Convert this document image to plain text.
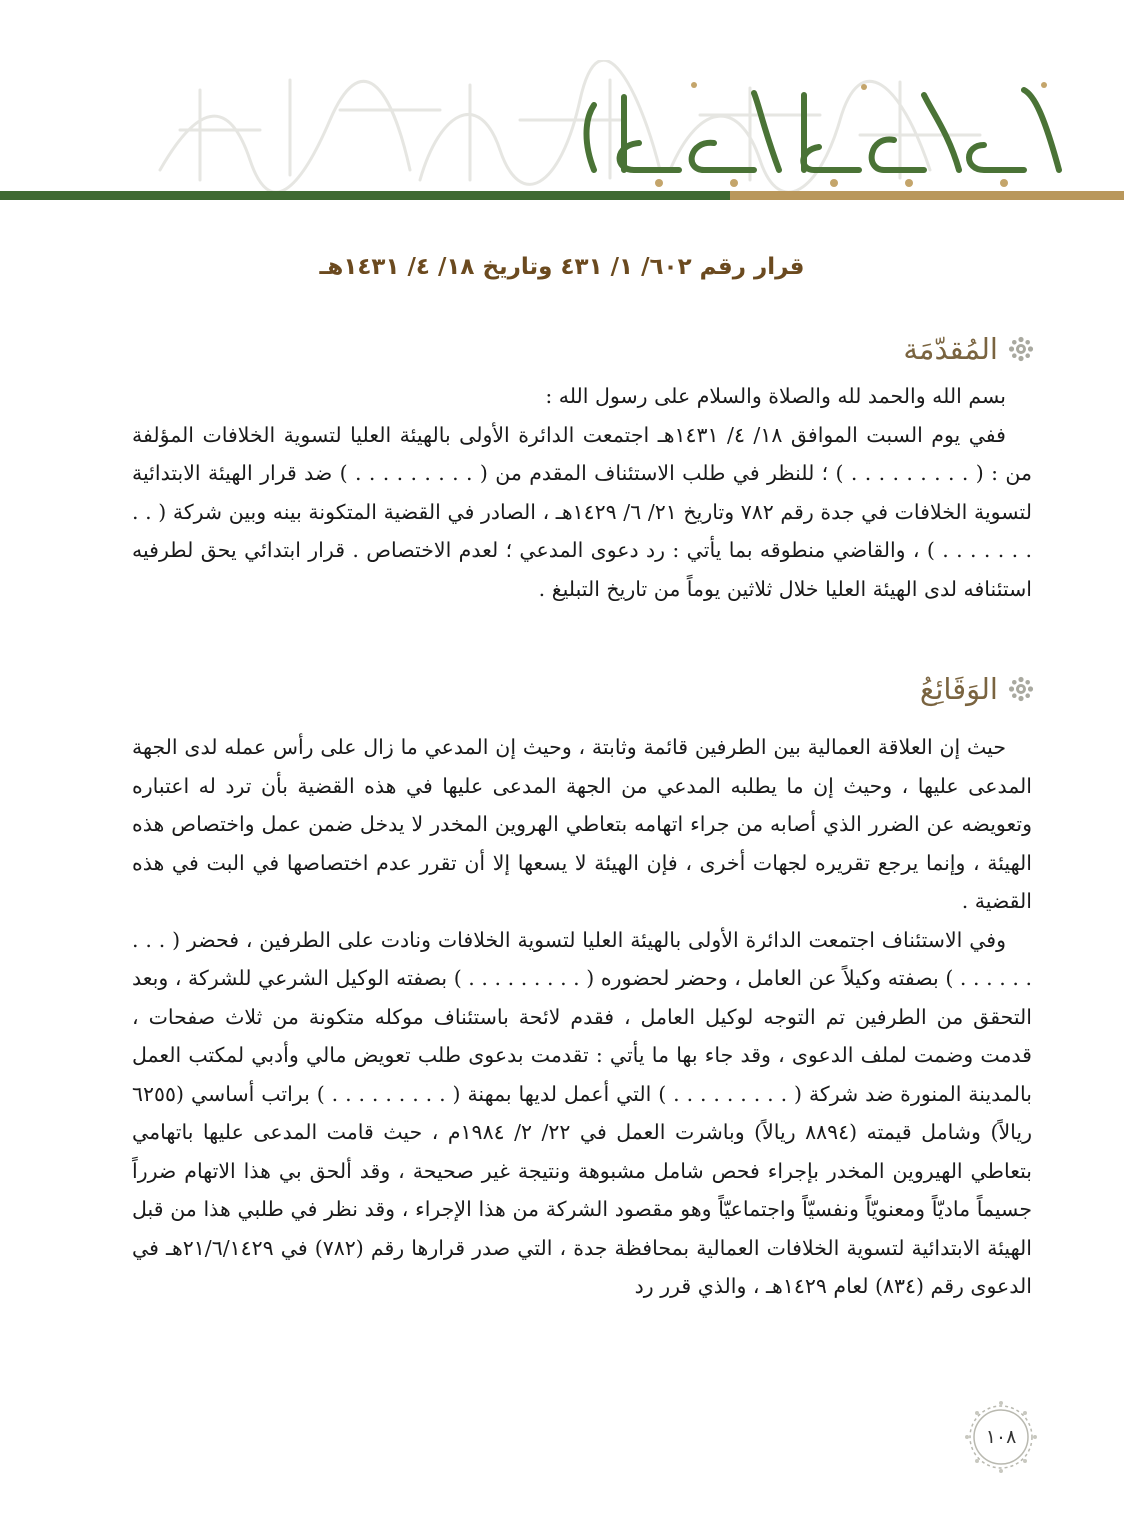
قرار رقم ٦٠٢/ ١/ ٤٣١ وتاريخ ١٨/ ٤/ ١٤٣١هـ
المُقدّمَة

بسم الله والحمد لله والصلاة والسلام على رسول الله :

ففي يوم السبت الموافق ١٨/ ٤/ ١٤٣١هـ اجتمعت الدائرة الأولى بالهيئة العليا لتسوية الخلافات المؤلفة من : ( . . . . . . . . . ) ؛ للنظر في طلب الاستئناف المقدم من ( . . . . . . . . . ) ضد قرار الهيئة الابتدائية لتسوية الخلافات في جدة رقم ٧٨٢ وتاريخ ٢١/ ٦/ ١٤٢٩هـ ، الصادر في القضية المتكونة بينه وبين شركة ( . . . . . . . . . ) ، والقاضي منطوقه بما يأتي : رد دعوى المدعي ؛ لعدم الاختصاص . قرار ابتدائي يحق لطرفيه استئنافه لدى الهيئة العليا خلال ثلاثين يوماً من تاريخ التبليغ .

الوَقَائِعُ

حيث إن العلاقة العمالية بين الطرفين قائمة وثابتة ، وحيث إن المدعي ما زال على رأس عمله لدى الجهة المدعى عليها ، وحيث إن ما يطلبه المدعي من الجهة المدعى عليها في هذه القضية بأن ترد له اعتباره وتعويضه عن الضرر الذي أصابه من جراء اتهامه بتعاطي الهروين المخدر لا يدخل ضمن عمل واختصاص هذه الهيئة ، وإنما يرجع تقريره لجهات أخرى ، فإن الهيئة لا يسعها إلا أن تقرر عدم اختصاصها في البت في هذه القضية .

وفي الاستئناف اجتمعت الدائرة الأولى بالهيئة العليا لتسوية الخلافات ونادت على الطرفين ، فحضر ( . . . . . . . . . ) بصفته وكيلاً عن العامل ، وحضر لحضوره ( . . . . . . . . . ) بصفته الوكيل الشرعي للشركة ، وبعد التحقق من الطرفين تم التوجه لوكيل العامل ، فقدم لائحة باستئناف موكله متكونة من ثلاث صفحات ، قدمت وضمت لملف الدعوى ، وقد جاء بها ما يأتي : تقدمت بدعوى طلب تعويض مالي وأدبي لمكتب العمل بالمدينة المنورة ضد شركة ( . . . . . . . . . ) التي أعمل لديها بمهنة ( . . . . . . . . . ) براتب أساسي (٦٢٥٥ ريالاً) وشامل قيمته (٨٨٩٤ ريالاً) وباشرت العمل في ٢٢/ ٢/ ١٩٨٤م ، حيث قامت المدعى عليها باتهامي بتعاطي الهيروين المخدر بإجراء فحص شامل مشبوهة ونتيجة غير صحيحة ، وقد ألحق بي هذا الاتهام ضرراً جسيماً ماديّاً ومعنويّاً ونفسيّاً واجتماعيّاً وهو مقصود الشركة من هذا الإجراء ، وقد نظر في طلبي هذا من قبل الهيئة الابتدائية لتسوية الخلافات العمالية بمحافظة جدة ، التي صدر قرارها رقم (٧٨٢) في ٢١/٦/١٤٢٩هـ في الدعوى رقم (٨٣٤) لعام ١٤٢٩هـ ، والذي قرر رد

١٠٨
